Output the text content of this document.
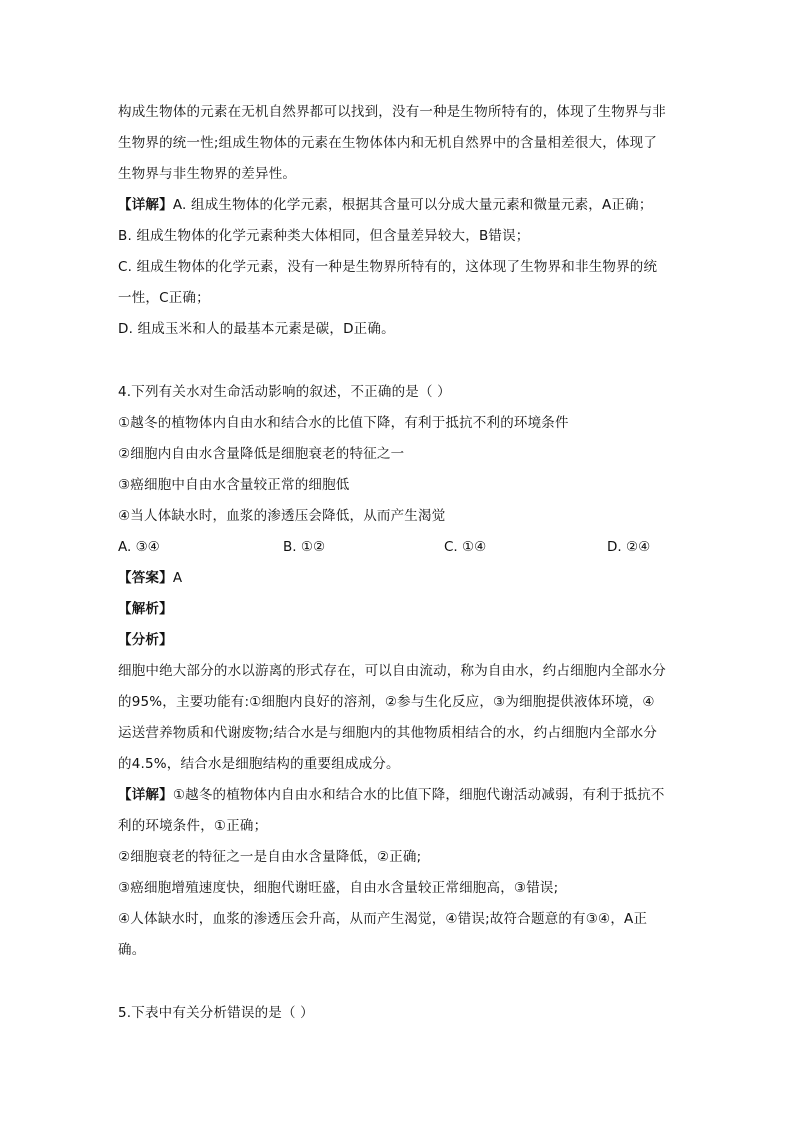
构成生物体的元素在无机自然界都可以找到，没有一种是生物所特有的，体现了生物界与非
生物界的统一性;组成生物体的元素在生物体体内和无机自然界中的含量相差很大，体现了
生物界与非生物界的差异性。
【详解】A. 组成生物体的化学元素，根据其含量可以分成大量元素和微量元素，A正确；
B. 组成生物体的化学元素种类大体相同，但含量差异较大，B错误；
C. 组成生物体的化学元素，没有一种是生物界所特有的，这体现了生物界和非生物界的统
一性，C正确；
D. 组成玉米和人的最基本元素是碳，D正确。
4.下列有关水对生命活动影响的叙述，不正确的是（ ）
①越冬的植物体内自由水和结合水的比值下降，有利于抵抗不利的环境条件
②细胞内自由水含量降低是细胞衰老的特征之一
③癌细胞中自由水含量较正常的细胞低
④当人体缺水时，血浆的渗透压会降低，从而产生渴觉
A. ③④	B. ①②	C. ①④	D. ②④
【答案】A
【解析】
【分析】
细胞中绝大部分的水以游离的形式存在，可以自由流动，称为自由水，约占细胞内全部水分
的95%，主要功能有:①细胞内良好的溶剂，②参与生化反应，③为细胞提供液体环境，④
运送营养物质和代谢废物;结合水是与细胞内的其他物质相结合的水，约占细胞内全部水分
的4.5%，结合水是细胞结构的重要组成成分。
【详解】①越冬的植物体内自由水和结合水的比值下降，细胞代谢活动减弱，有利于抵抗不
利的环境条件，①正确；
②细胞衰老的特征之一是自由水含量降低，②正确;
③癌细胞增殖速度快，细胞代谢旺盛，自由水含量较正常细胞高，③错误;
④人体缺水时，血浆的渗透压会升高，从而产生渴觉，④错误;故符合题意的有③④，A正
确。
5.下表中有关分析错误的是（ ）
